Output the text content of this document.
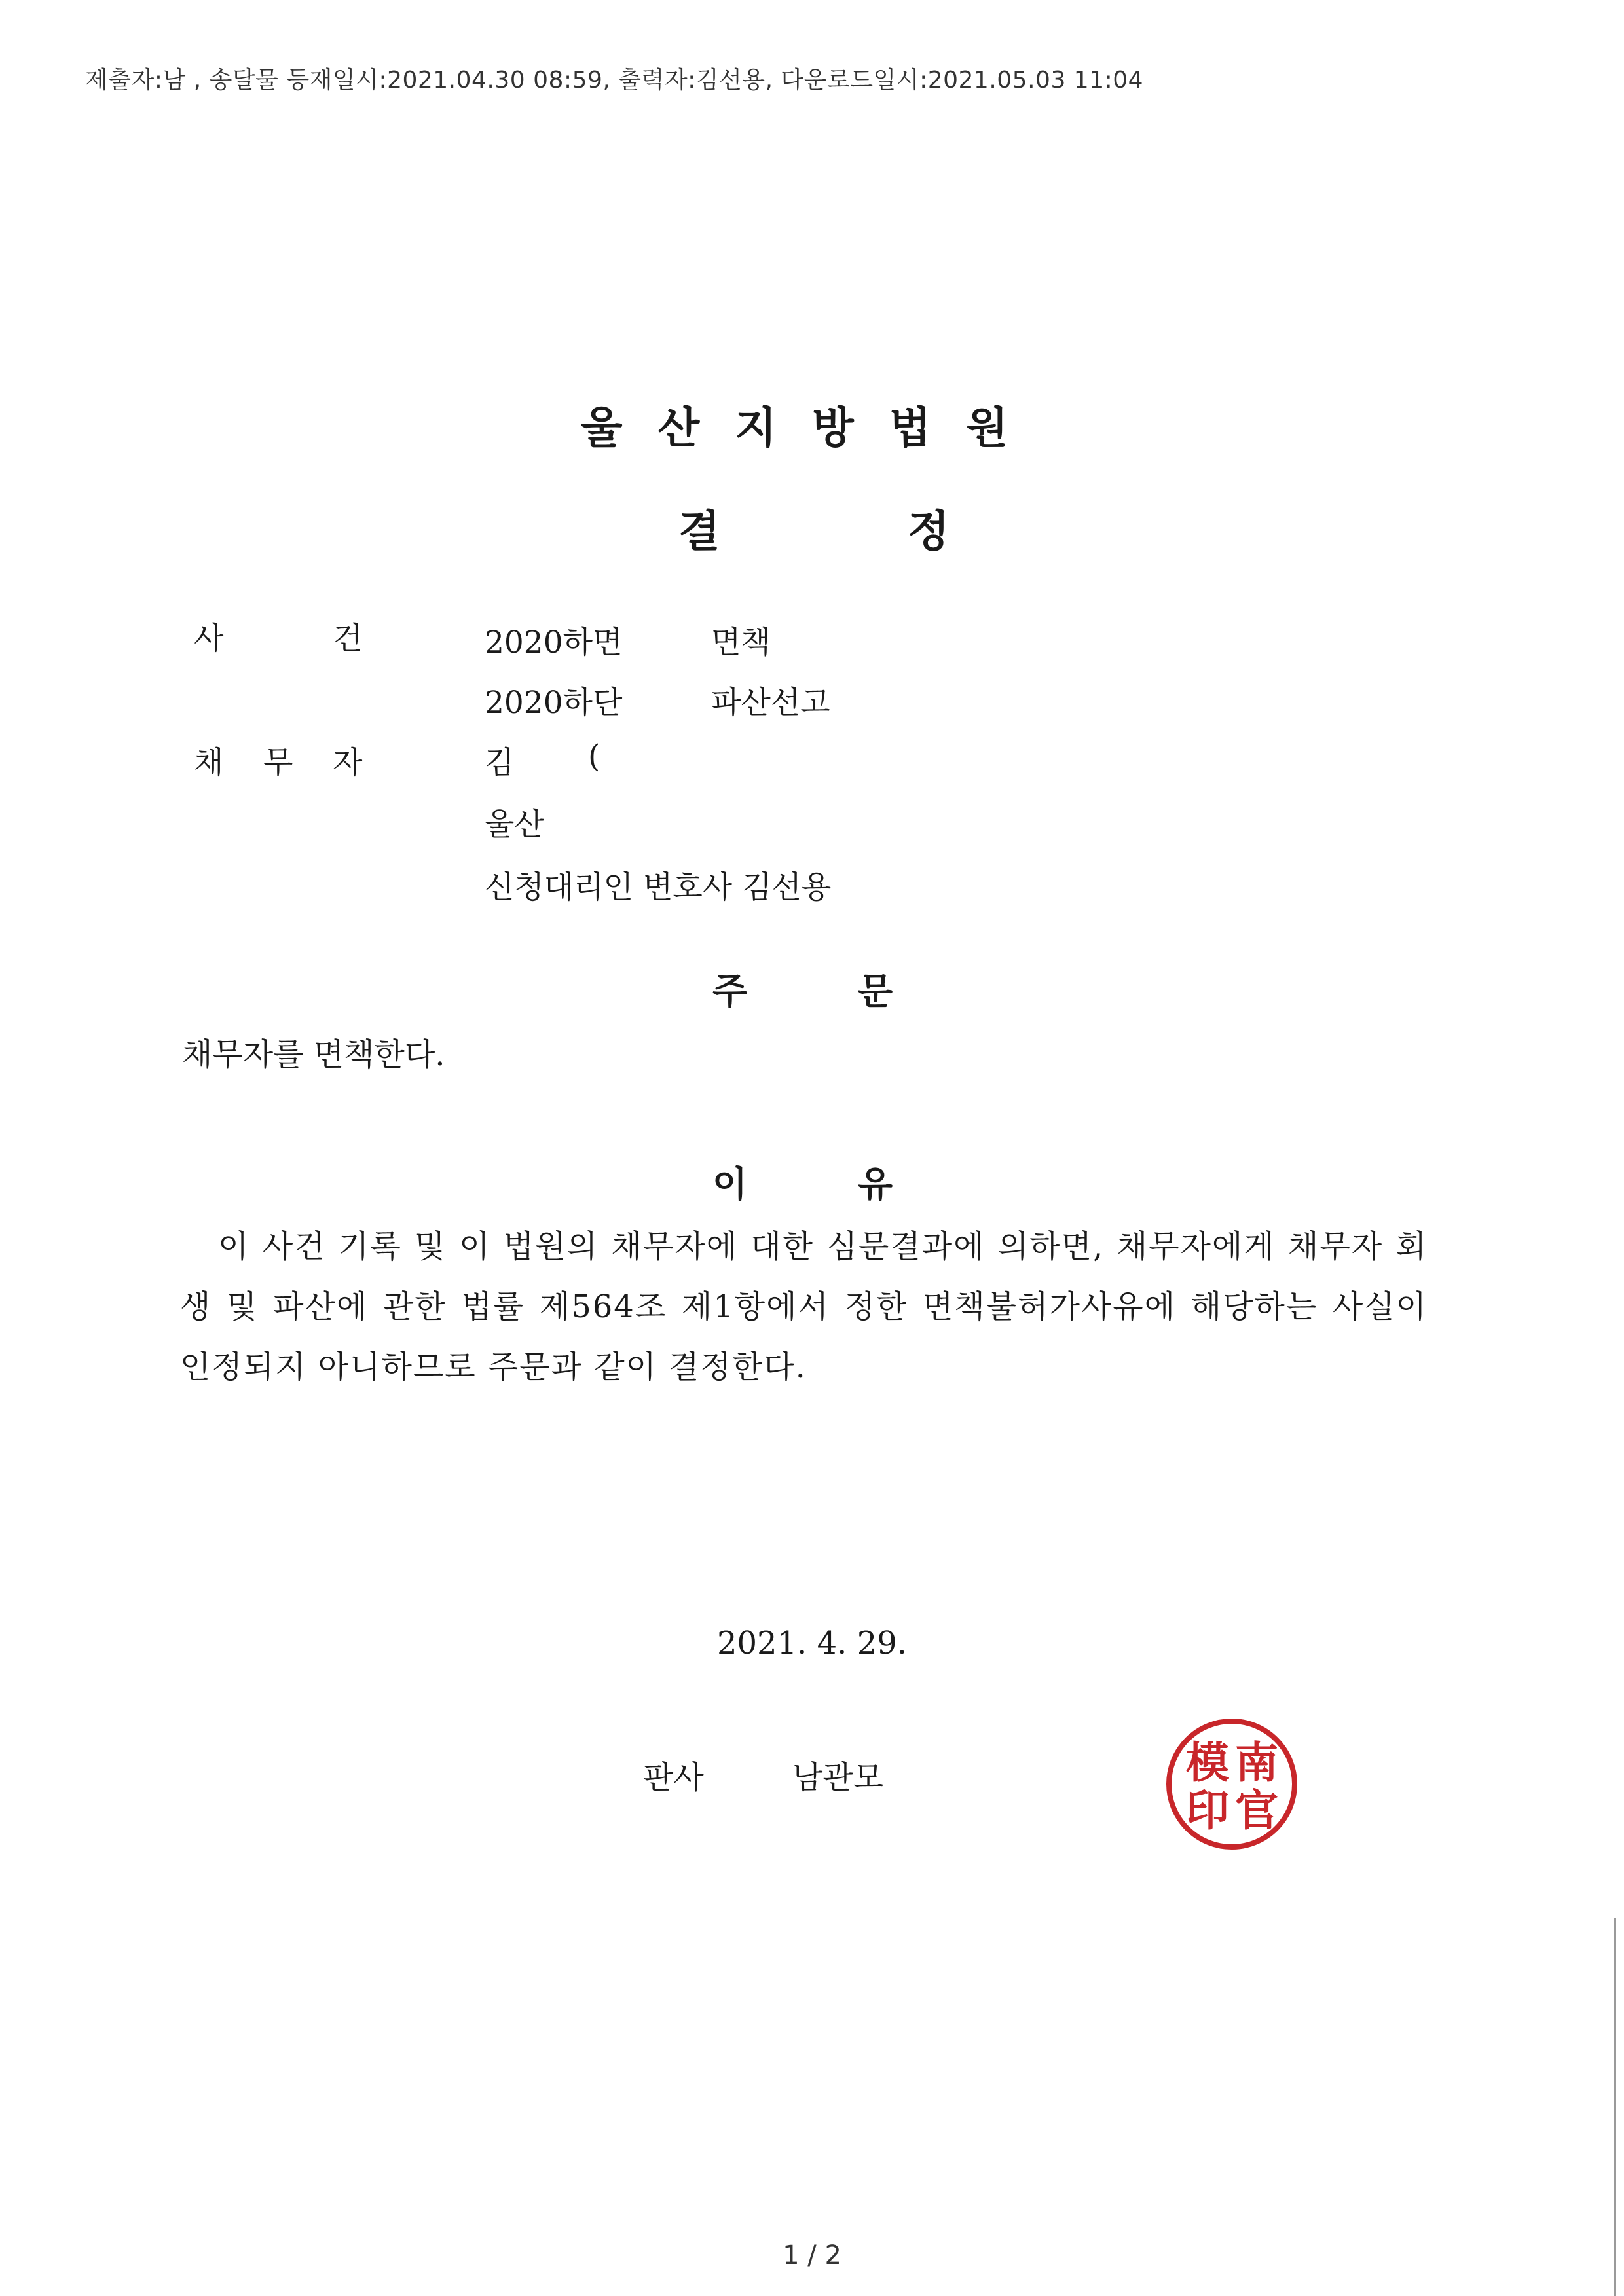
제출자:남 , 송달물 등재일시:2021.04.30 08:59, 출력자:김선용, 다운로드일시:2021.05.03 11:04
울산지방법원
결	정
사	건	2020하면	면책
2020하단	파산선고
채 무 자	김 (
울산
신청대리인 변호사 김선용
주	문
채무자를 면책한다.
이	유
이 사건 기록 및 이 법원의 채무자에 대한 심문결과에 의하면, 채무자에게 채무자 회생 및 파산에 관한 법률 제564조 제1항에서 정한 면책불허가사유에 해당하는 사실이 인정되지 아니하므로 주문과 같이 결정한다.
2021. 4. 29.
판사	남관모	南
官
模
印
1 / 2
